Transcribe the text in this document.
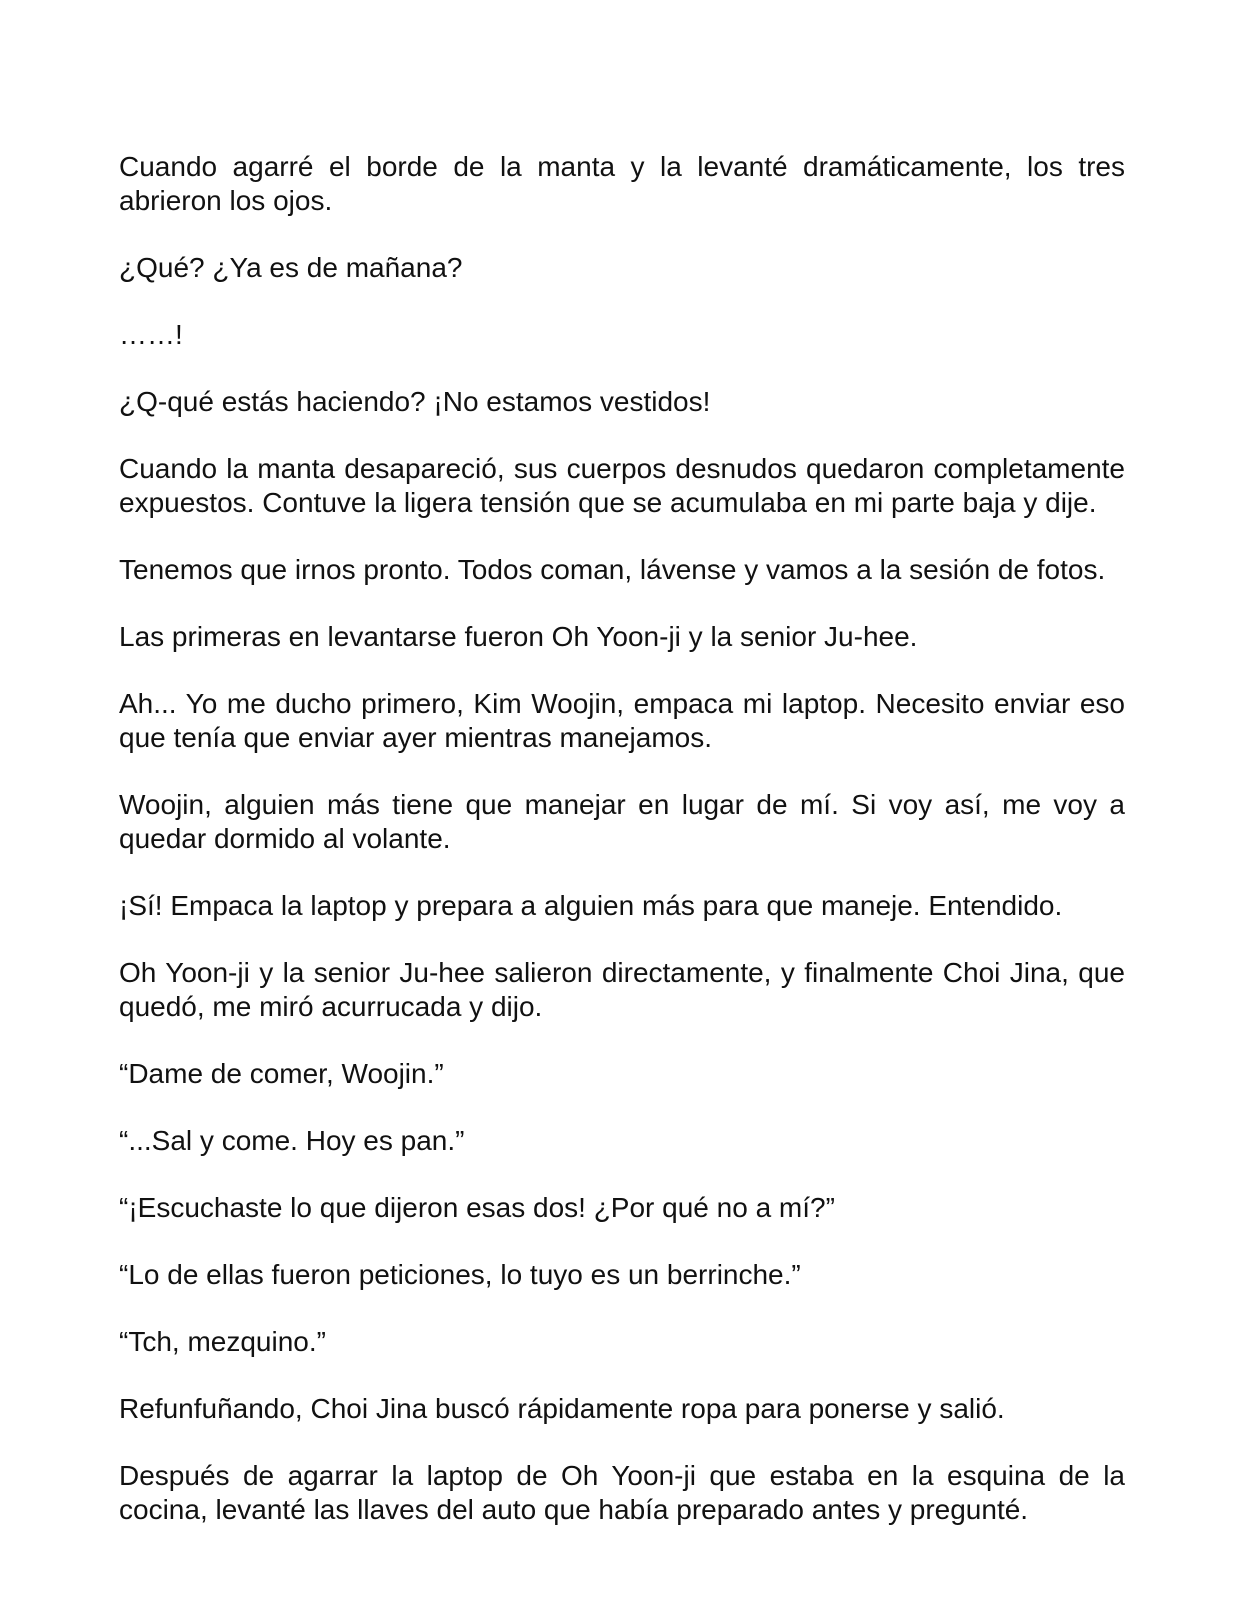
Cuando agarré el borde de la manta y la levanté dramáticamente, los tres abrieron los ojos.

¿Qué? ¿Ya es de mañana?

……!

¿Q-qué estás haciendo? ¡No estamos vestidos!

Cuando la manta desapareció, sus cuerpos desnudos quedaron completamente expuestos. Contuve la ligera tensión que se acumulaba en mi parte baja y dije.

Tenemos que irnos pronto. Todos coman, lávense y vamos a la sesión de fotos.

Las primeras en levantarse fueron Oh Yoon-ji y la senior Ju-hee.

Ah... Yo me ducho primero, Kim Woojin, empaca mi laptop. Necesito enviar eso que tenía que enviar ayer mientras manejamos.

Woojin, alguien más tiene que manejar en lugar de mí. Si voy así, me voy a quedar dormido al volante.

¡Sí! Empaca la laptop y prepara a alguien más para que maneje. Entendido.

Oh Yoon-ji y la senior Ju-hee salieron directamente, y finalmente Choi Jina, que quedó, me miró acurrucada y dijo.

“Dame de comer, Woojin.”

“...Sal y come. Hoy es pan.”

“¡Escuchaste lo que dijeron esas dos! ¿Por qué no a mí?”

“Lo de ellas fueron peticiones, lo tuyo es un berrinche.”

“Tch, mezquino.”

Refunfuñando, Choi Jina buscó rápidamente ropa para ponerse y salió.

Después de agarrar la laptop de Oh Yoon-ji que estaba en la esquina de la cocina, levanté las llaves del auto que había preparado antes y pregunté.
